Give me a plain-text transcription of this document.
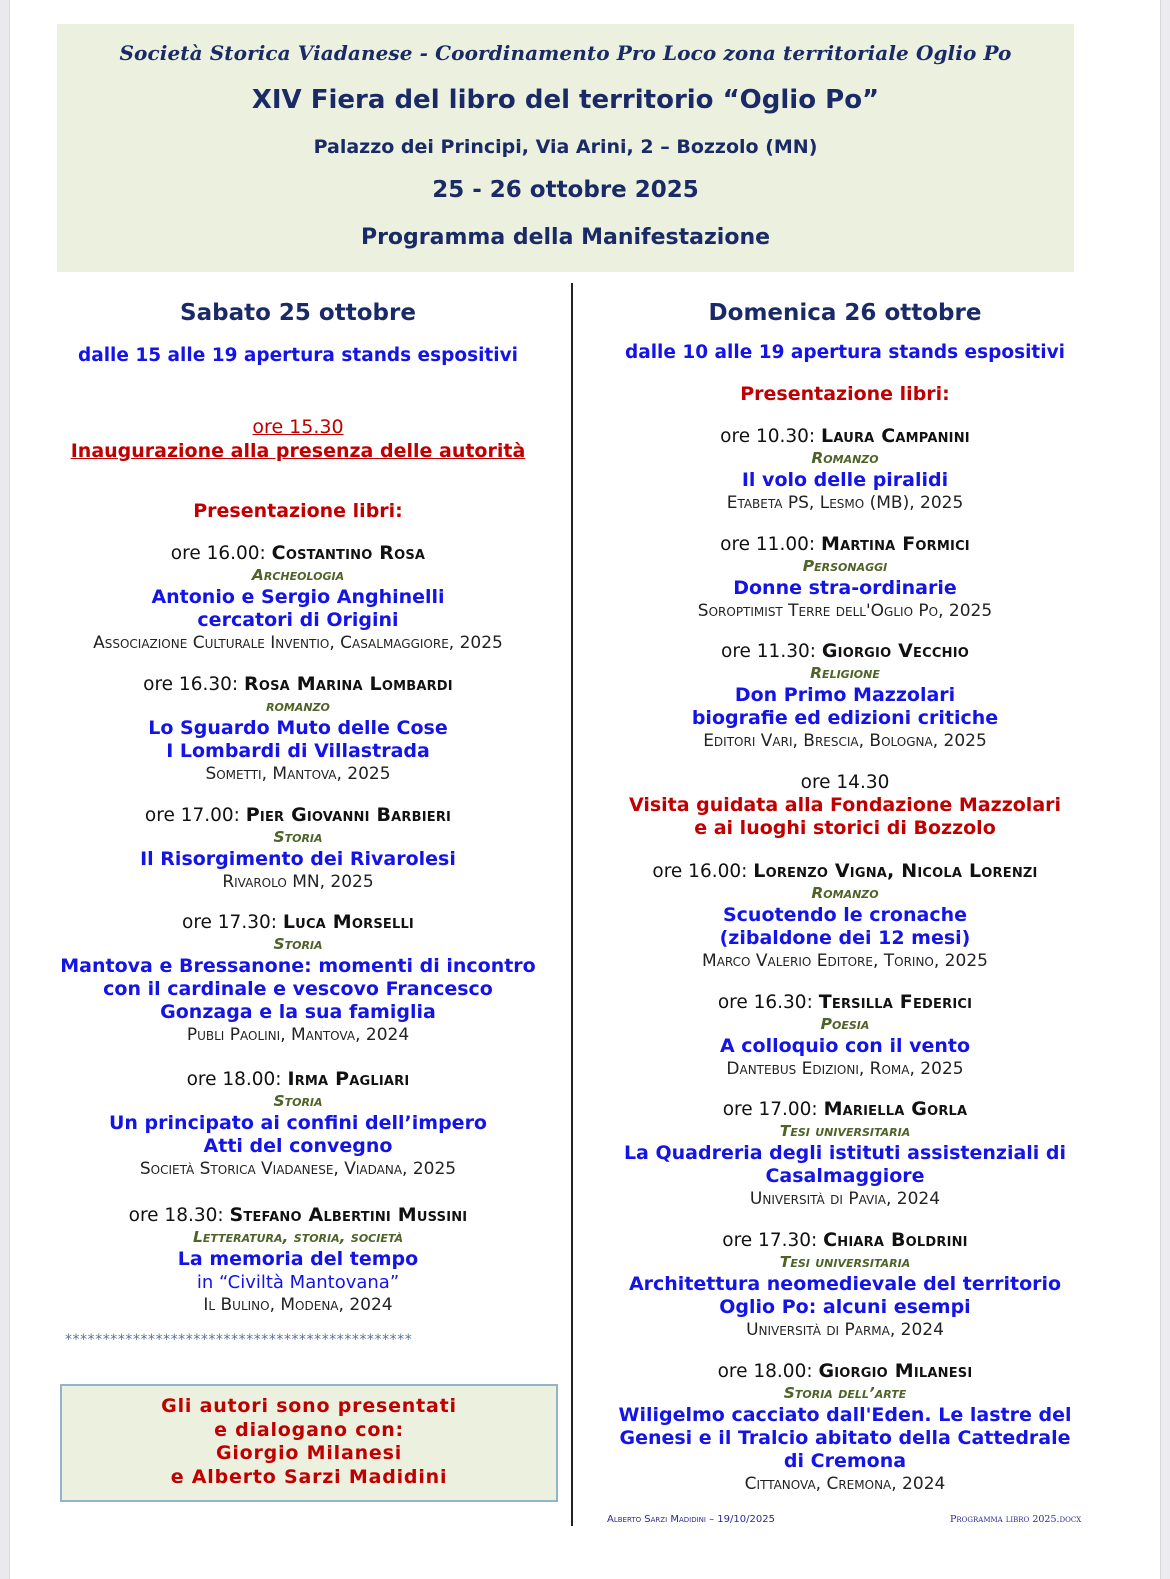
Società Storica Viadanese - Coordinamento Pro Loco zona territoriale Oglio Po
XIV Fiera del libro del territorio “Oglio Po”
Palazzo dei Principi, Via Arini, 2 – Bozzolo (MN)
25 - 26 ottobre 2025
Programma della Manifestazione
Sabato 25 ottobre
dalle 15 alle 19 apertura stands espositivi
ore 15.30
Inaugurazione alla presenza delle autorità
Presentazione libri:
ore 16.00: Costantino Rosa
Archeologia
Antonio e Sergio Anghinelli
cercatori di Origini
Associazione Culturale Inventio, Casalmaggiore, 2025
ore 16.30: Rosa Marina Lombardi
romanzo
Lo Sguardo Muto delle Cose
I Lombardi di Villastrada
Sometti, Mantova, 2025
ore 17.00: Pier Giovanni Barbieri
Storia
Il Risorgimento dei Rivarolesi
Rivarolo MN, 2025
ore 17.30: Luca Morselli
Storia
Mantova e Bressanone: momenti di incontro
con il cardinale e vescovo Francesco
Gonzaga e la sua famiglia
Publi Paolini, Mantova, 2024
ore 18.00: Irma Pagliari
Storia
Un principato ai confini dell’impero
Atti del convegno
Società Storica Viadanese, Viadana, 2025
ore 18.30: Stefano Albertini Mussini
Letteratura, storia, società
La memoria del tempo
in “Civiltà Mantovana”
Il Bulino, Modena, 2024
**********************************************
Gli autori sono presentati
e dialogano con:
Giorgio Milanesi
e Alberto Sarzi Madidini
Domenica 26 ottobre
dalle 10 alle 19 apertura stands espositivi
Presentazione libri:
ore 10.30: Laura Campanini
Romanzo
Il volo delle piralidi
Etabeta PS, Lesmo (MB), 2025
ore 11.00: Martina Formici
Personaggi
Donne stra-ordinarie
Soroptimist Terre dell'Oglio Po, 2025
ore 11.30: Giorgio Vecchio
Religione
Don Primo Mazzolari
biografie ed edizioni critiche
Editori Vari, Brescia, Bologna, 2025
ore 14.30
Visita guidata alla Fondazione Mazzolari
e ai luoghi storici di Bozzolo
ore 16.00: Lorenzo Vigna, Nicola Lorenzi
Romanzo
Scuotendo le cronache
(zibaldone dei 12 mesi)
Marco Valerio Editore, Torino, 2025
ore 16.30: Tersilla Federici
Poesia
A colloquio con il vento
Dantebus Edizioni, Roma, 2025
ore 17.00: Mariella Gorla
Tesi universitaria
La Quadreria degli istituti assistenziali di
Casalmaggiore
Università di Pavia, 2024
ore 17.30: Chiara Boldrini
Tesi universitaria
Architettura neomedievale del territorio
Oglio Po: alcuni esempi
Università di Parma, 2024
ore 18.00: Giorgio Milanesi
Storia dell’arte
Wiligelmo cacciato dall'Eden. Le lastre del
Genesi e il Tralcio abitato della Cattedrale
di Cremona
Cittanova, Cremona, 2024
Alberto Sarzi Madidini – 19/10/2025	Programma libro 2025.docx
